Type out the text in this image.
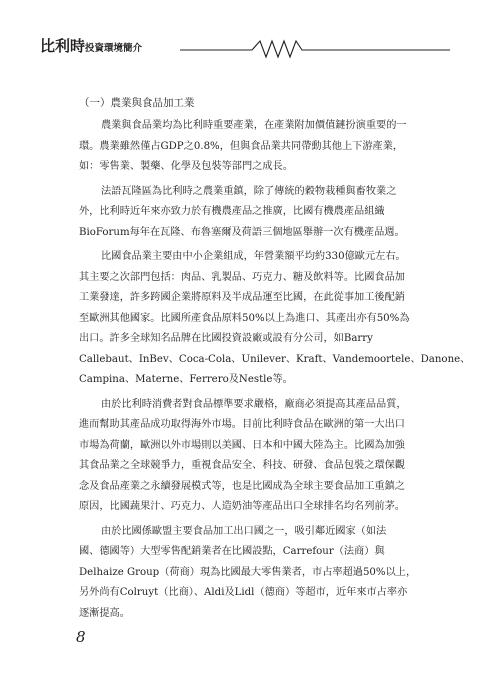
比利時投資環境簡介
（一）農業與食品加工業
農業與食品業均為比利時重要產業，在產業附加價值鏈扮演重要的一
環。農業雖然僅占GDP之0.8%，但與食品業共同帶動其他上下游產業，
如：零售業、製藥、化學及包裝等部門之成長。
法語瓦隆區為比利時之農業重鎮，除了傳統的穀物栽種與畜牧業之
外，比利時近年來亦致力於有機農產品之推廣，比國有機農產品組織
BioForum每年在瓦隆、布魯塞爾及荷語三個地區舉辦一次有機產品週。
比國食品業主要由中小企業組成，年營業額平均約330億歐元左右。
其主要之次部門包括：肉品、乳製品、巧克力、糖及飲料等。比國食品加
工業發達，許多跨國企業將原料及半成品運至比國，在此從事加工後配銷
至歐洲其他國家。比國所產食品原料50%以上為進口、其產出亦有50%為
出口。許多全球知名品牌在比國投資設廠或設有分公司，如Barry
Callebaut、InBev、Coca-Cola、Unilever、Kraft、Vandemoortele、Danone、
Campina、Materne、Ferrero及Nestle等。
由於比利時消費者對食品標準要求嚴格，廠商必須提高其產品品質，
進而幫助其產品成功取得海外市場。目前比利時食品在歐洲的第一大出口
市場為荷蘭，歐洲以外市場則以美國、日本和中國大陸為主。比國為加強
其食品業之全球競爭力，重視食品安全、科技、研發、食品包裝之環保觀
念及食品產業之永續發展模式等，也是比國成為全球主要食品加工重鎮之
原因，比國蔬果汁、巧克力、人造奶油等產品出口全球排名均名列前茅。
由於比國係歐盟主要食品加工出口國之一，吸引鄰近國家（如法
國、德國等）大型零售配銷業者在比國設點，Carrefour（法商）與
Delhaize Group（荷商）現為比國最大零售業者，市占率超過50%以上，
另外尚有Colruyt（比商）、Aldi及Lidl（德商）等超市，近年來市占率亦
逐漸提高。
8
